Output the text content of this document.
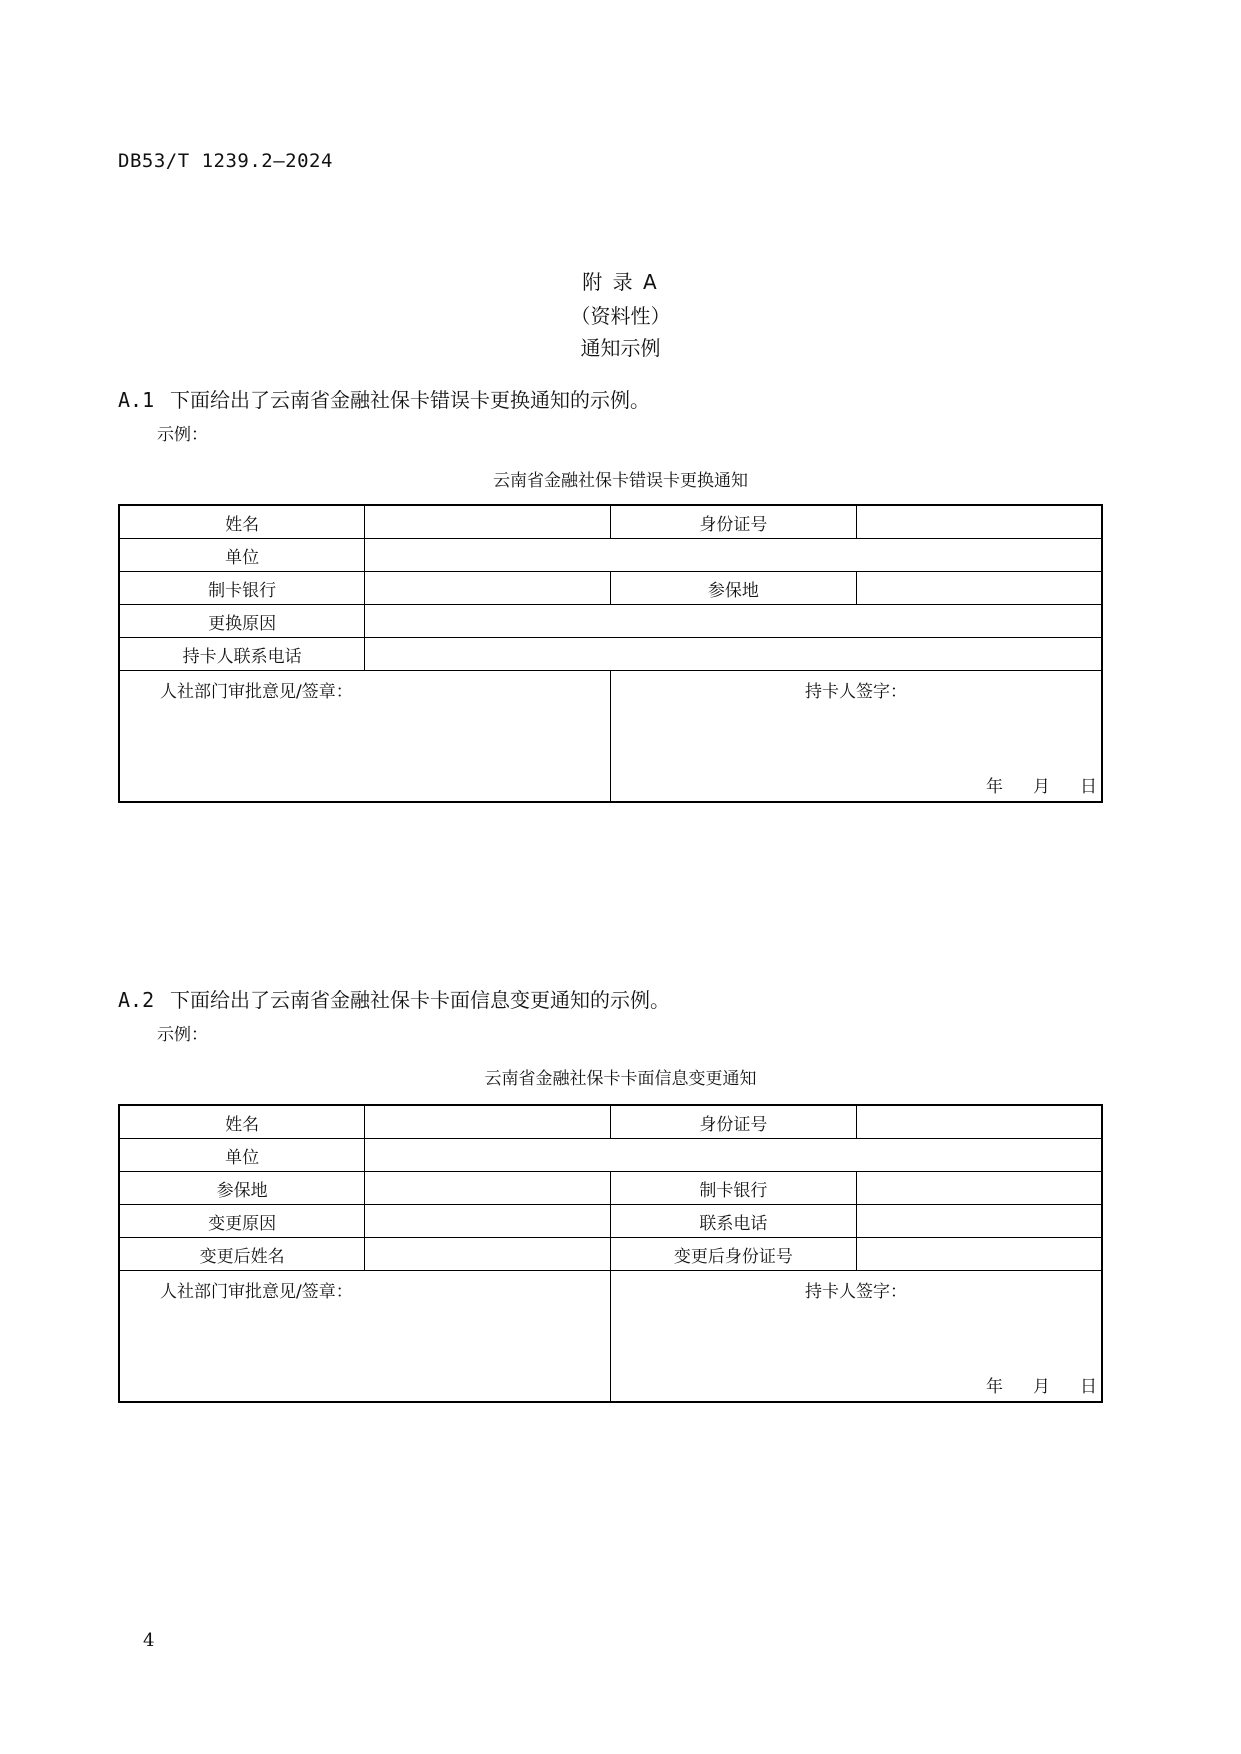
DB53/T 1239.2—2024
附 录 A
（资料性）
通知示例
A.1 下面给出了云南省金融社保卡错误卡更换通知的示例。
示例：
云南省金融社保卡错误卡更换通知
姓名		身份证号	
单位			
制卡银行		参保地	
更换原因			
持卡人联系电话			

人社部门审批意见/签章：		持卡人签字：
年 月 日	
A.2 下面给出了云南省金融社保卡卡面信息变更通知的示例。
示例：
云南省金融社保卡卡面信息变更通知
姓名		身份证号	
单位			
参保地		制卡银行	
变更原因		联系电话	
变更后姓名		变更后身份证号	

人社部门审批意见/签章：		持卡人签字：
年 月 日	
4
